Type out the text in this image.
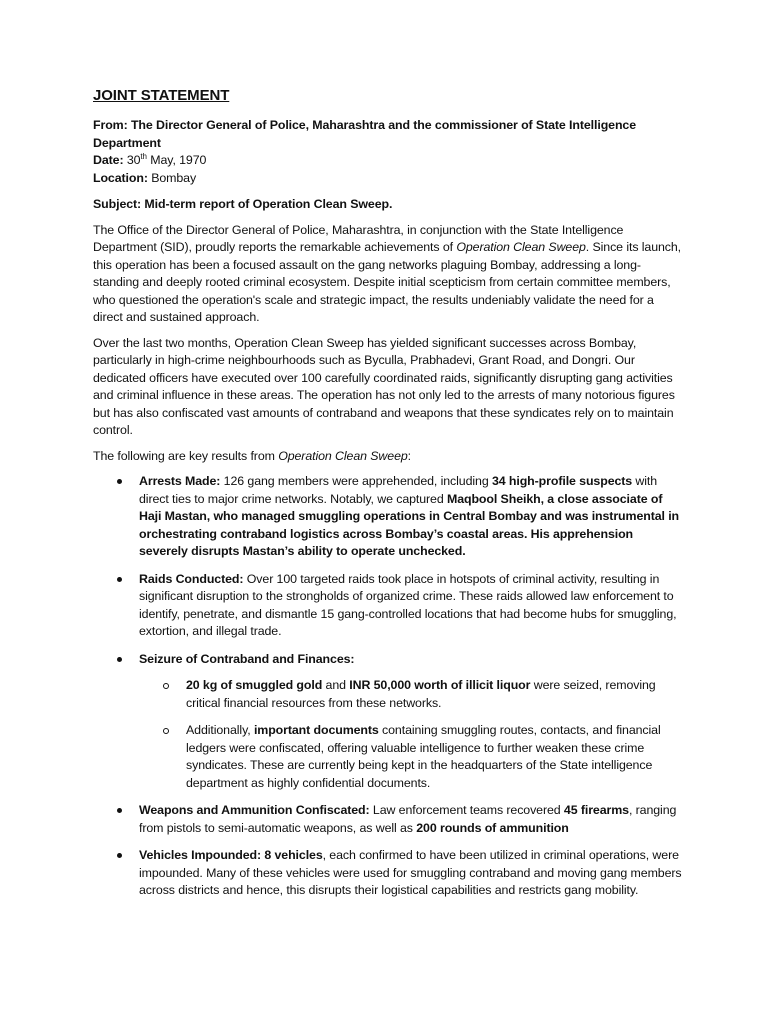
JOINT STATEMENT

From: The Director General of Police, Maharashtra and the commissioner of State Intelligence Department

Date: 30th May, 1970

Location: Bombay

Subject: Mid-term report of Operation Clean Sweep.

The Office of the Director General of Police, Maharashtra, in conjunction with the State Intelligence Department (SID), proudly reports the remarkable achievements of Operation Clean Sweep. Since its launch, this operation has been a focused assault on the gang networks plaguing Bombay, addressing a long-standing and deeply rooted criminal ecosystem. Despite initial scepticism from certain committee members, who questioned the operation's scale and strategic impact, the results undeniably validate the need for a direct and sustained approach.

Over the last two months, Operation Clean Sweep has yielded significant successes across Bombay, particularly in high-crime neighbourhoods such as Byculla, Prabhadevi, Grant Road, and Dongri. Our dedicated officers have executed over 100 carefully coordinated raids, significantly disrupting gang activities and criminal influence in these areas. The operation has not only led to the arrests of many notorious figures but has also confiscated vast amounts of contraband and weapons that these syndicates rely on to maintain control.

The following are key results from Operation Clean Sweep:

Arrests Made: 126 gang members were apprehended, including 34 high-profile suspects with direct ties to major crime networks. Notably, we captured Maqbool Sheikh, a close associate of Haji Mastan, who managed smuggling operations in Central Bombay and was instrumental in orchestrating contraband logistics across Bombay’s coastal areas. His apprehension severely disrupts Mastan’s ability to operate unchecked.
Raids Conducted: Over 100 targeted raids took place in hotspots of criminal activity, resulting in significant disruption to the strongholds of organized crime. These raids allowed law enforcement to identify, penetrate, and dismantle 15 gang-controlled locations that had become hubs for smuggling, extortion, and illegal trade.
Seizure of Contraband and Finances:
20 kg of smuggled gold and INR 50,000 worth of illicit liquor were seized, removing critical financial resources from these networks.
Additionally, important documents containing smuggling routes, contacts, and financial ledgers were confiscated, offering valuable intelligence to further weaken these crime syndicates. These are currently being kept in the headquarters of the State intelligence department as highly confidential documents.
Weapons and Ammunition Confiscated: Law enforcement teams recovered 45 firearms, ranging from pistols to semi-automatic weapons, as well as 200 rounds of ammunition
Vehicles Impounded: 8 vehicles, each confirmed to have been utilized in criminal operations, were impounded. Many of these vehicles were used for smuggling contraband and moving gang members across districts and hence, this disrupts their logistical capabilities and restricts gang mobility.
